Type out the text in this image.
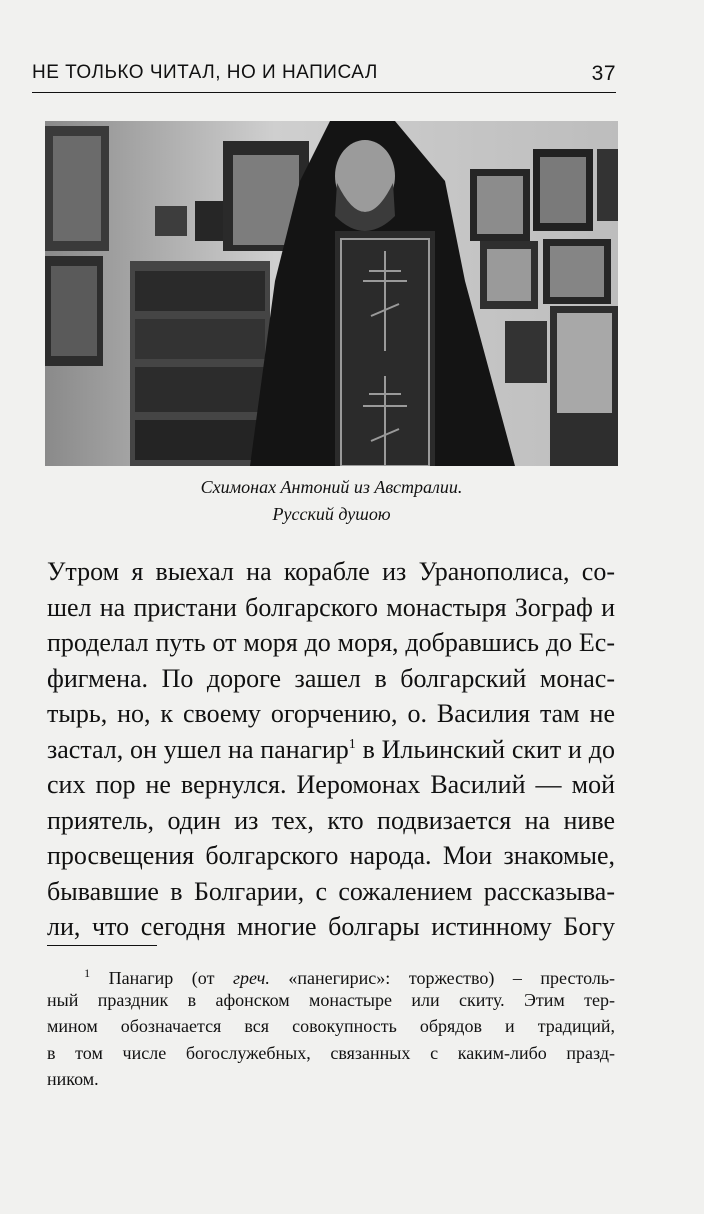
НЕ ТОЛЬКО ЧИТАЛ, НО И НАПИСАЛ	37
Схимонах Антоний из Австралии.
Русский душою
Утром я выехал на корабле из Уранополиса, со-
шел на пристани болгарского монастыря Зограф и
проделал путь от моря до моря, добравшись до Ес-
фигмена. По дороге зашел в болгарский монас-
тырь, но, к своему огорчению, о. Василия там не
застал, он ушел на панагир$^1$ в Ильинский скит и до
сих пор не вернулся. Иеромонах Василий — мой
приятель, один из тех, кто подвизается на ниве
просвещения болгарского народа. Мои знакомые,
бывавшие в Болгарии, с сожалением рассказыва-
ли, что сегодня многие болгары истинному Богу
$^1$ Панагир (от греч. «панегирис»: торжество) – престоль-
ный праздник в афонском монастыре или скиту. Этим тер-
мином обозначается вся совокупность обрядов и традиций,
в том числе богослужебных, связанных с каким-либо празд-
ником.
